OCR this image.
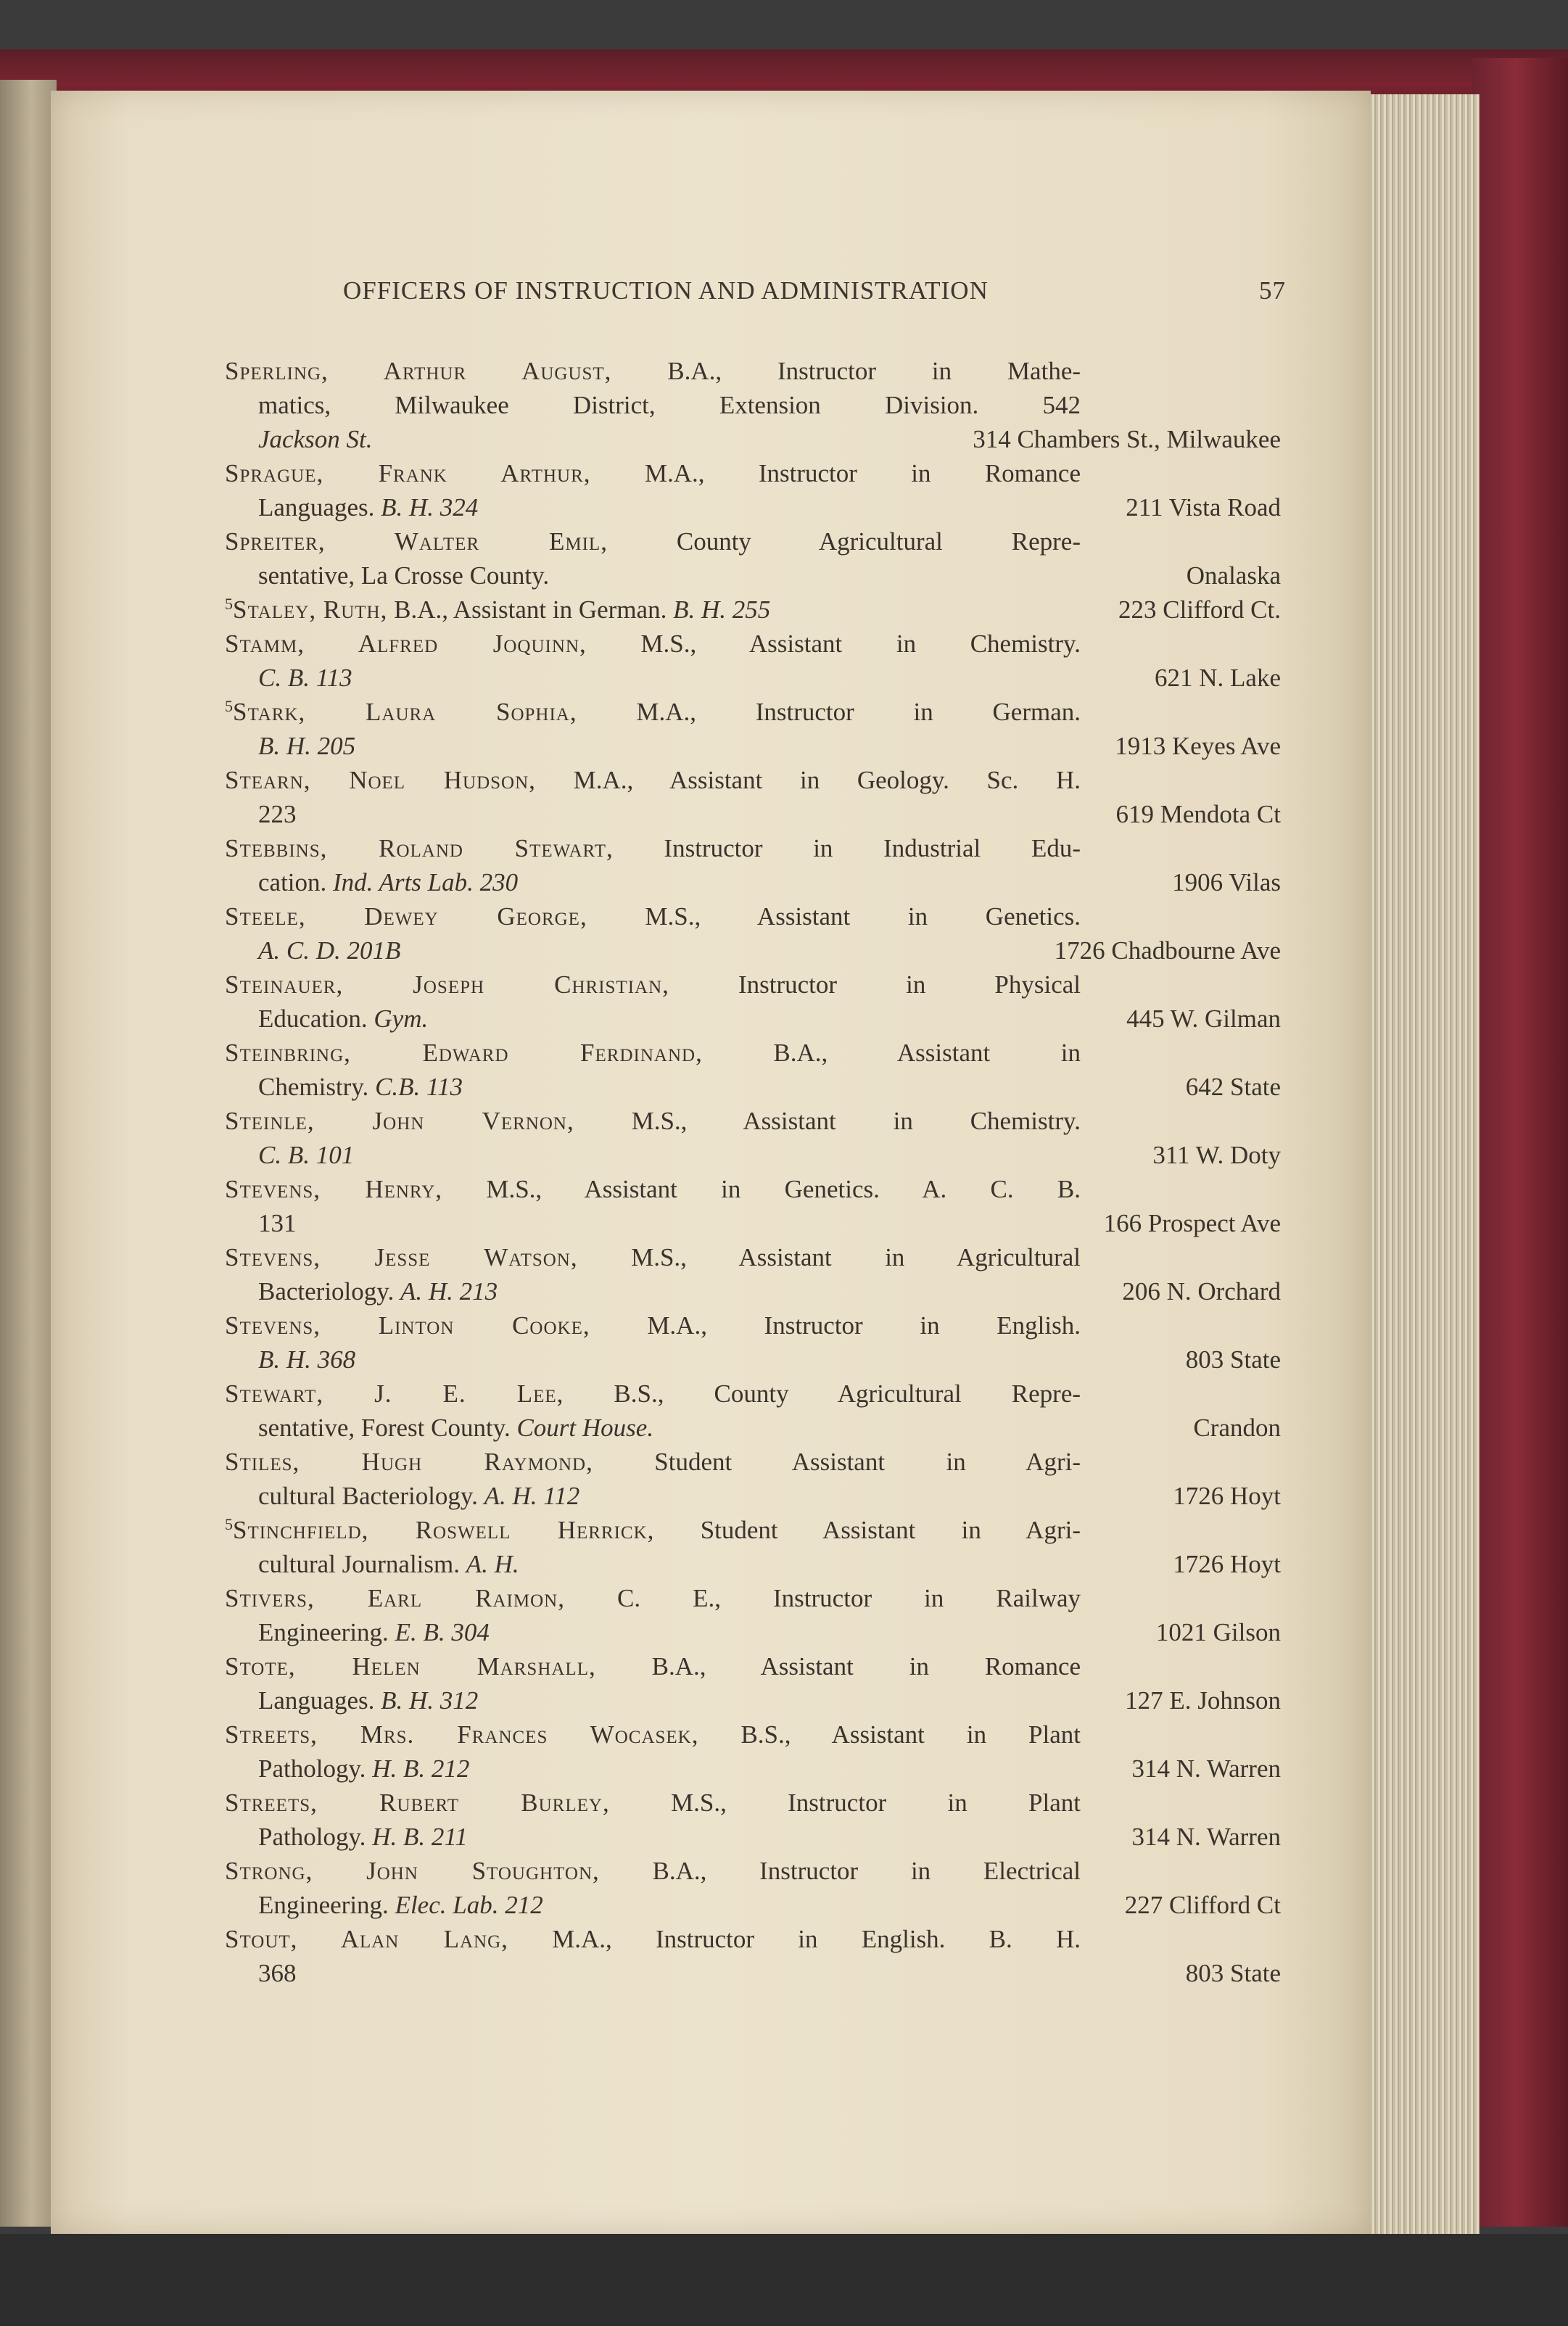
OFFICERS OF INSTRUCTION AND ADMINISTRATION	57
Sperling, Arthur August, B.A., Instructor in Mathe-
matics, Milwaukee District, Extension Division. 542
Jackson St.	314 Chambers St., Milwaukee
Sprague, Frank Arthur, M.A., Instructor in Romance
Languages. B. H. 324	211 Vista Road
Spreiter, Walter Emil,	County Agricultural Repre-
sentative, La Crosse County.	Onalaska
$^5$Staley, Ruth, B.A., Assistant in German. B. H. 255	223 Clifford Ct.
Stamm, Alfred Joquinn, M.S., Assistant in Chemistry.
C. B. 113	621 N. Lake
$^5$Stark, Laura Sophia, M.A., Instructor in German.
B. H. 205	1913 Keyes Ave
Stearn, Noel Hudson, M.A., Assistant in Geology. Sc. H.
223	619 Mendota Ct
Stebbins, Roland Stewart, Instructor in Industrial Edu-
cation. Ind. Arts Lab. 230	1906 Vilas
Steele, Dewey George, M.S., Assistant in Genetics.
A. C. D. 201B	1726 Chadbourne Ave
Steinauer, Joseph Christian,	Instructor in Physical
Education. Gym.	445 W. Gilman
Steinbring, Edward Ferdinand,	B.A., Assistant in
Chemistry. C.B. 113	642 State
Steinle, John Vernon, M.S., Assistant in Chemistry.
C. B. 101	311 W. Doty
Stevens, Henry, M.S., Assistant in Genetics. A. C. B.
131	166 Prospect Ave
Stevens, Jesse Watson, M.S., Assistant in Agricultural
Bacteriology. A. H. 213	206 N. Orchard
Stevens, Linton Cooke, M.A., Instructor in English.
B. H. 368	803 State
Stewart, J. E. Lee, B.S., County Agricultural Repre-
sentative, Forest County. Court House.	Crandon
Stiles, Hugh Raymond, Student Assistant in Agri-
cultural Bacteriology. A. H. 112	1726 Hoyt
$^5$Stinchfield, Roswell Herrick, Student Assistant in Agri-
cultural Journalism. A. H.	1726 Hoyt
Stivers, Earl Raimon, C. E., Instructor in Railway
Engineering. E. B. 304	1021 Gilson
Stote, Helen Marshall, B.A., Assistant in Romance
Languages. B. H. 312	127 E. Johnson
Streets, Mrs. Frances Wocasek, B.S., Assistant in Plant
Pathology. H. B. 212	314 N. Warren
Streets, Rubert Burley, M.S., Instructor in Plant
Pathology. H. B. 211	314 N. Warren
Strong, John Stoughton, B.A., Instructor in Electrical
Engineering. Elec. Lab. 212	227 Clifford Ct
Stout, Alan Lang, M.A., Instructor in English. B. H.
368	803 State
